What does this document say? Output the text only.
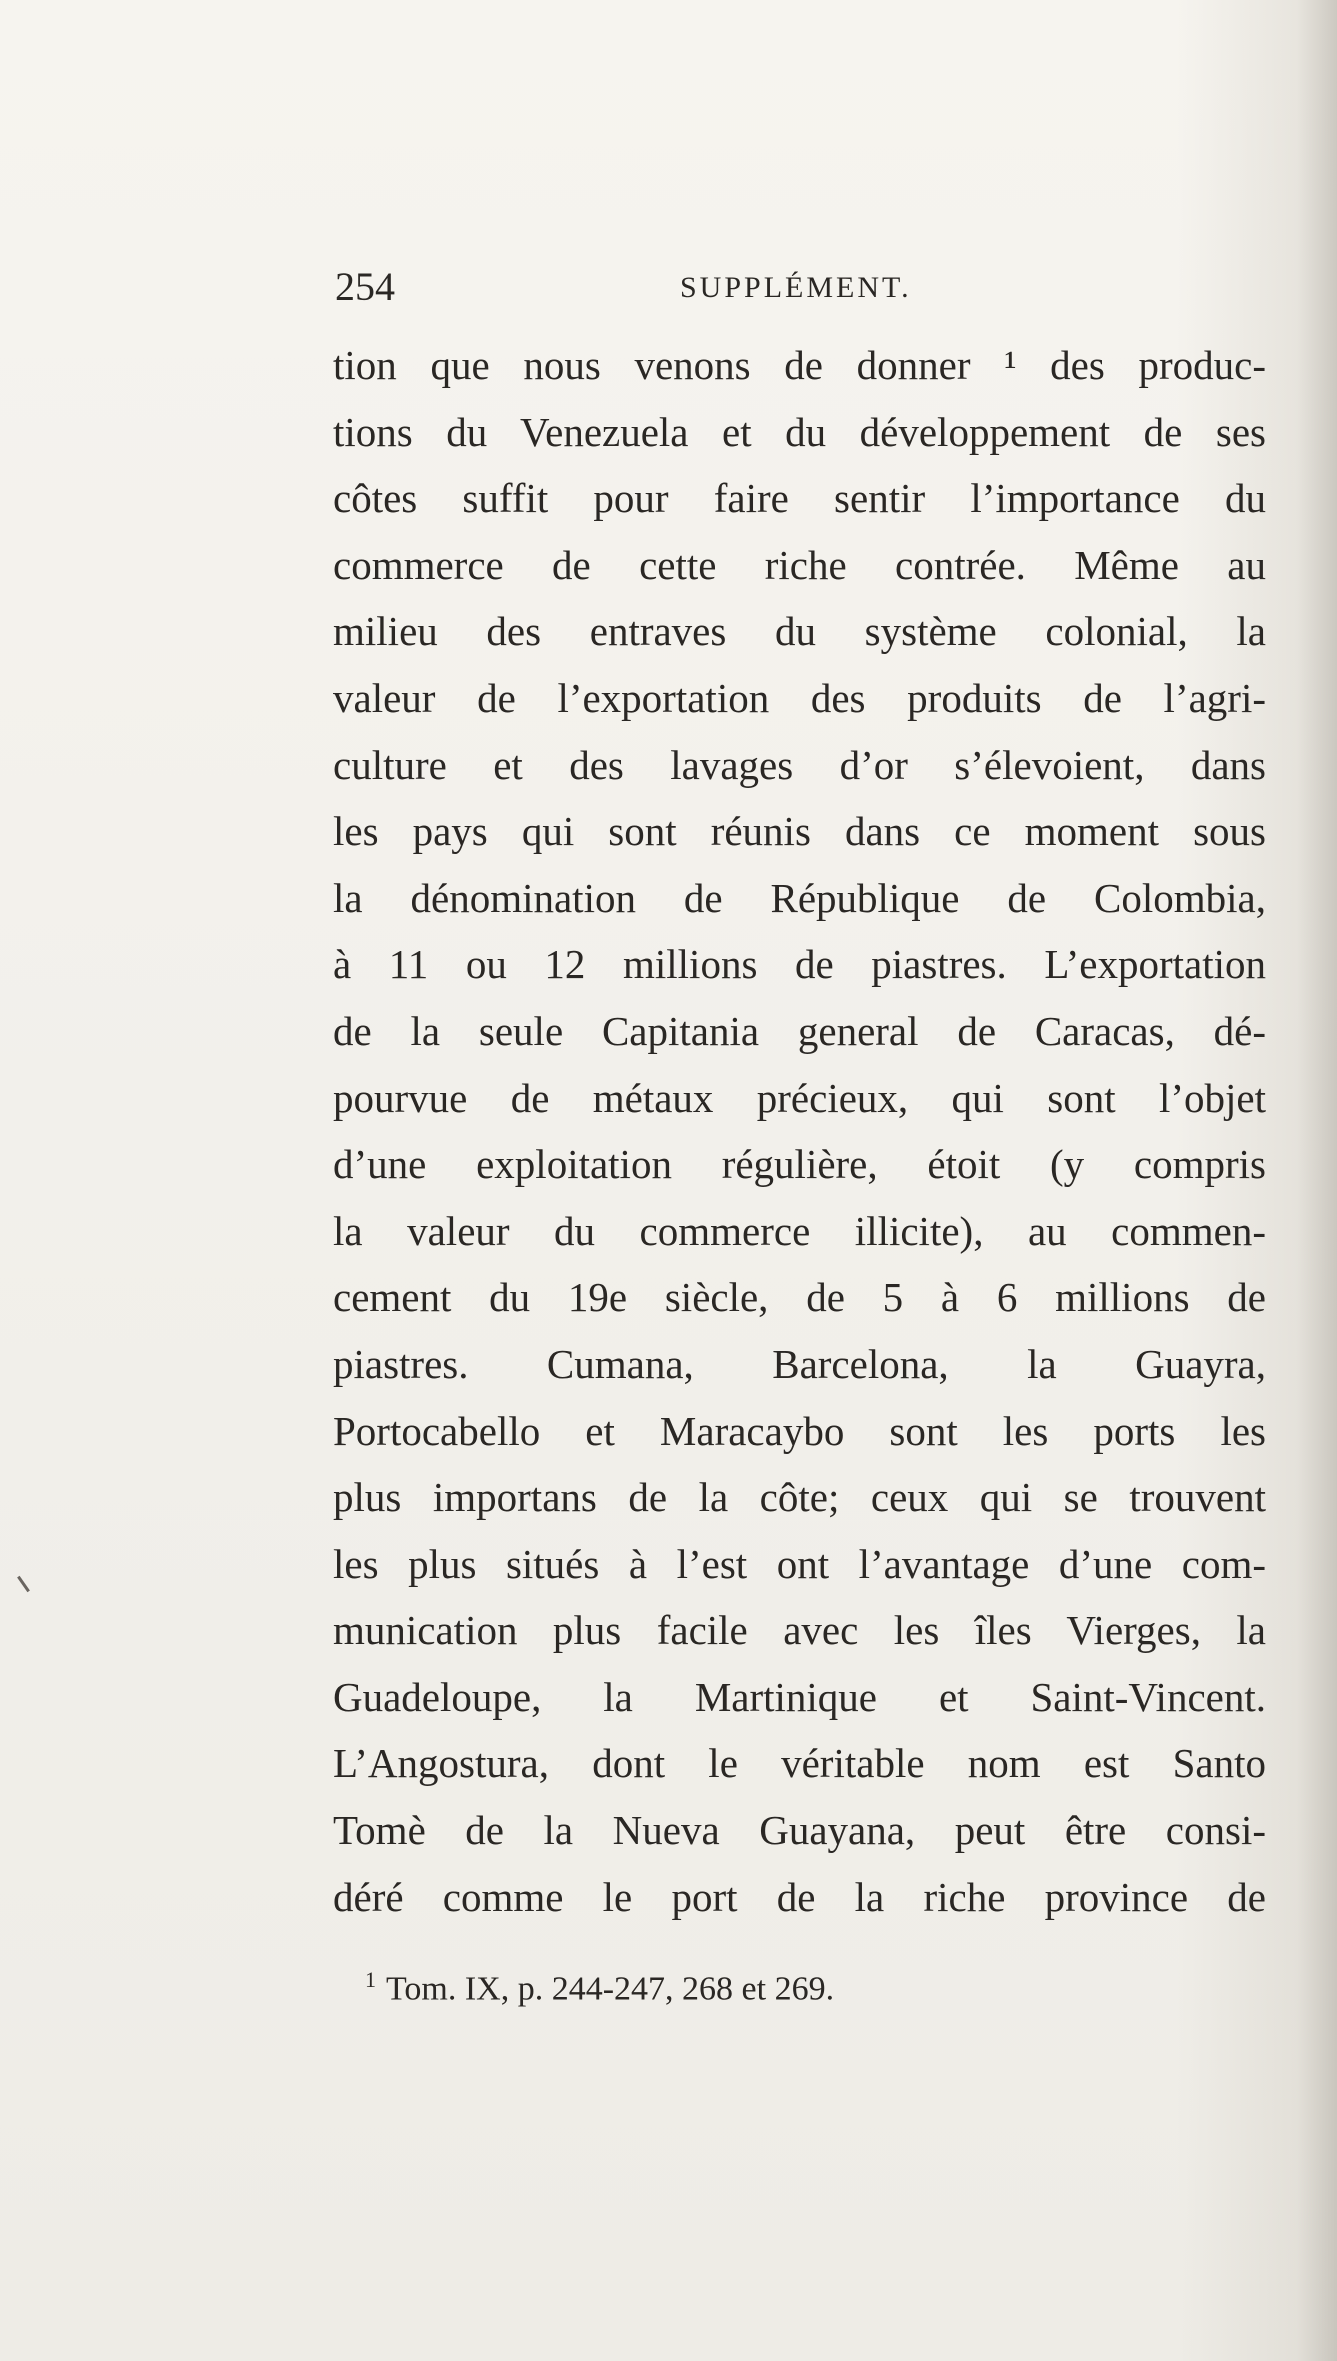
254	SUPPLÉMENT.
tion que nous venons de donner ¹ des produc-
tions du Venezuela et du développement de ses
côtes suffit pour faire sentir l’importance du
commerce de cette riche contrée. Même au
milieu des entraves du système colonial, la
valeur de l’exportation des produits de l’agri-
culture et des lavages d’or s’élevoient, dans
les pays qui sont réunis dans ce moment sous
la dénomination de République de Colombia,
à 11 ou 12 millions de piastres. L’exportation
de la seule Capitania general de Caracas, dé-
pourvue de métaux précieux, qui sont l’objet
d’une exploitation régulière, étoit (y compris
la valeur du commerce illicite), au commen-
cement du 19e siècle, de 5 à 6 millions de
piastres. Cumana, Barcelona, la Guayra,
Portocabello et Maracaybo sont les ports les
plus importans de la côte; ceux qui se trouvent
les plus situés à l’est ont l’avantage d’une com-
munication plus facile avec les îles Vierges, la
Guadeloupe, la Martinique et Saint-Vincent.
L’Angostura, dont le véritable nom est Santo
Tomè de la Nueva Guayana, peut être consi-
déré comme le port de la riche province de
$^1$ Tom. IX, p. 244-247, 268 et 269.
